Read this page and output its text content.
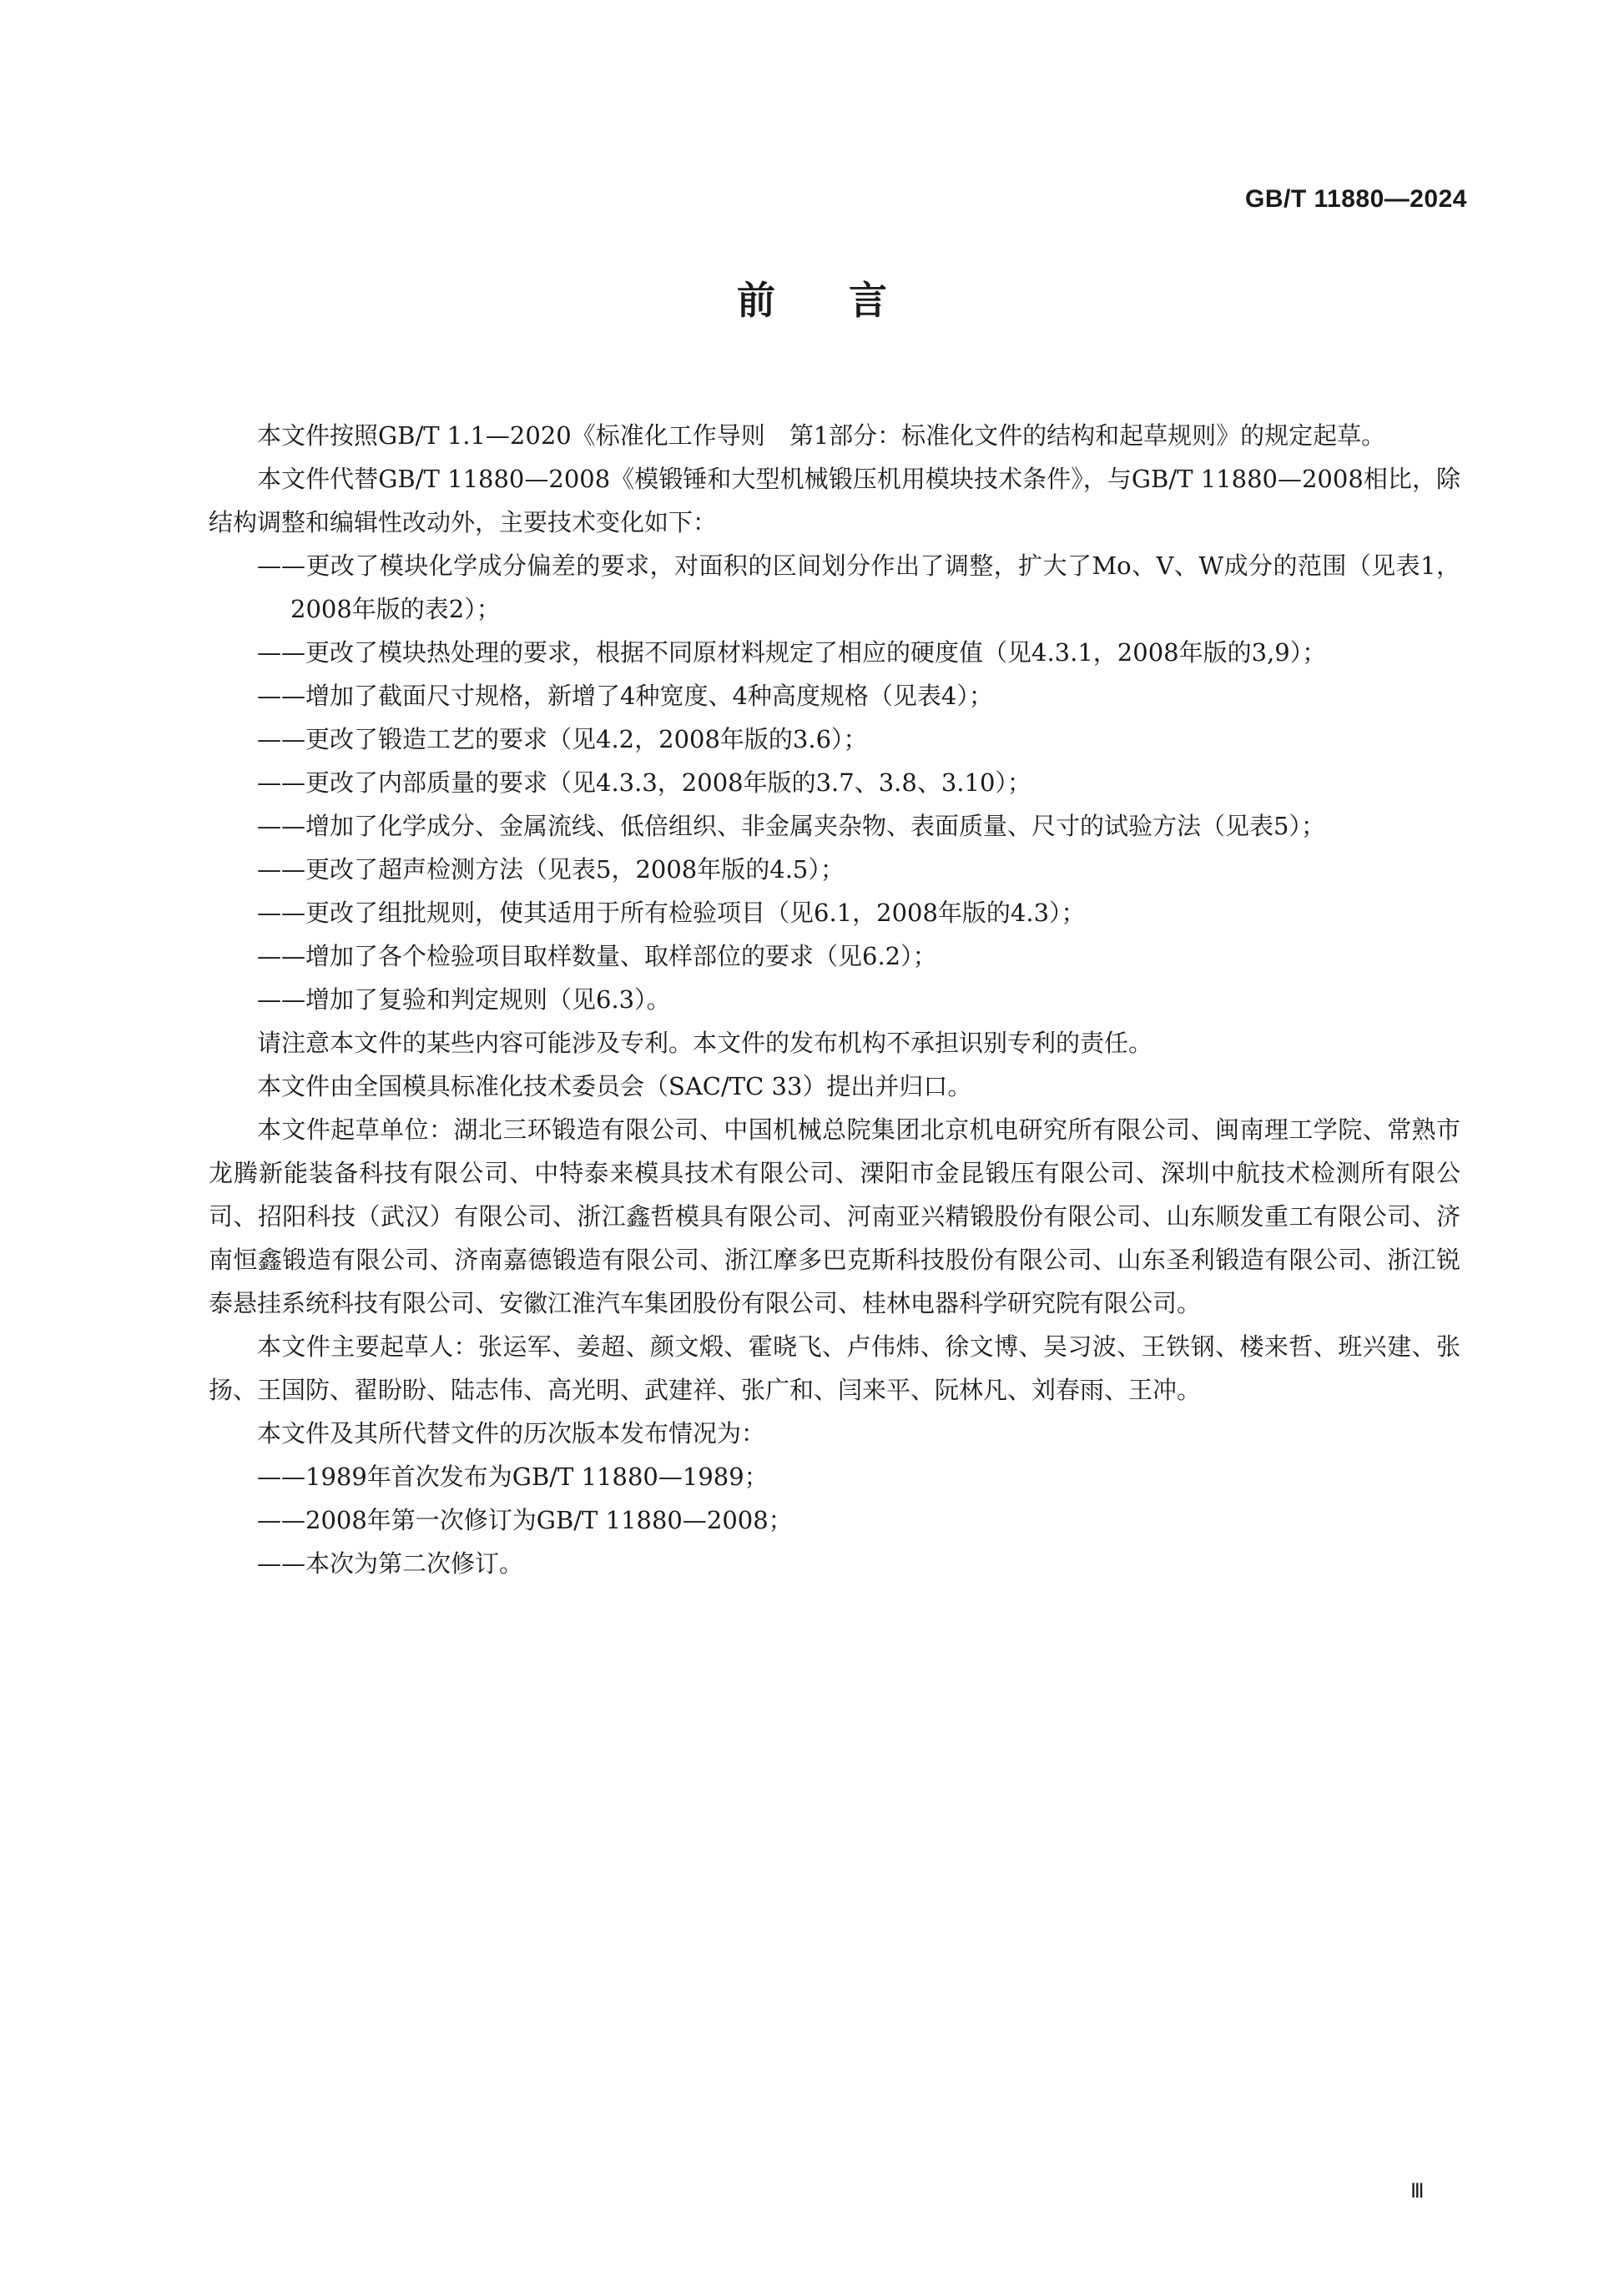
GB/T 11880—2024
前言

本文件按照GB/T 1.1—2020《标准化工作导则　第1部分：标准化文件的结构和起草规则》的规定起草。

本文件代替GB/T 11880—2008《模锻锤和大型机械锻压机用模块技术条件》，与GB/T 11880—2008相比，除结构调整和编辑性改动外，主要技术变化如下：

——更改了模块化学成分偏差的要求，对面积的区间划分作出了调整，扩大了Mo、V、W成分的范围（见表1，2008年版的表2）；

——更改了模块热处理的要求，根据不同原材料规定了相应的硬度值（见4.3.1，2008年版的3,9）；

——增加了截面尺寸规格，新增了4种宽度、4种高度规格（见表4）；

——更改了锻造工艺的要求（见4.2，2008年版的3.6）；

——更改了内部质量的要求（见4.3.3，2008年版的3.7、3.8、3.10）；

——增加了化学成分、金属流线、低倍组织、非金属夹杂物、表面质量、尺寸的试验方法（见表5）；

——更改了超声检测方法（见表5，2008年版的4.5）；

——更改了组批规则，使其适用于所有检验项目（见6.1，2008年版的4.3）；

——增加了各个检验项目取样数量、取样部位的要求（见6.2）；

——增加了复验和判定规则（见6.3）。

请注意本文件的某些内容可能涉及专利。本文件的发布机构不承担识别专利的责任。

本文件由全国模具标准化技术委员会（SAC/TC 33）提出并归口。

本文件起草单位：湖北三环锻造有限公司、中国机械总院集团北京机电研究所有限公司、闽南理工学院、常熟市龙腾新能装备科技有限公司、中特泰来模具技术有限公司、溧阳市金昆锻压有限公司、深圳中航技术检测所有限公司、招阳科技（武汉）有限公司、浙江鑫哲模具有限公司、河南亚兴精锻股份有限公司、山东顺发重工有限公司、济南恒鑫锻造有限公司、济南嘉德锻造有限公司、浙江摩多巴克斯科技股份有限公司、山东圣利锻造有限公司、浙江锐泰悬挂系统科技有限公司、安徽江淮汽车集团股份有限公司、桂林电器科学研究院有限公司。

本文件主要起草人：张运军、姜超、颜文煅、霍晓飞、卢伟炜、徐文博、吴习波、王铁钢、楼来哲、班兴建、张扬、王国防、翟盼盼、陆志伟、高光明、武建祥、张广和、闫来平、阮林凡、刘春雨、王冲。

本文件及其所代替文件的历次版本发布情况为：

——1989年首次发布为GB/T 11880—1989；

——2008年第一次修订为GB/T 11880—2008；

——本次为第二次修订。

Ⅲ
